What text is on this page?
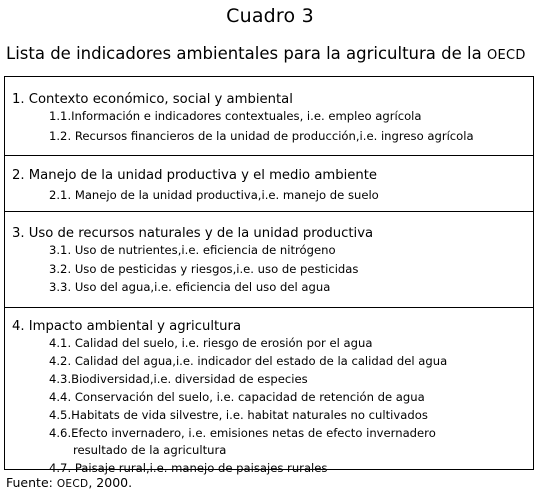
Cuadro 3
Lista de indicadores ambientales para la agricultura de la OECD
1. Contexto económico, social y ambiental
1.1.Información e indicadores contextuales, i.e. empleo agrícola
1.2. Recursos financieros de la unidad de producción,i.e. ingreso agrícola
2. Manejo de la unidad productiva y el medio ambiente
2.1. Manejo de la unidad productiva,i.e. manejo de suelo
3. Uso de recursos naturales y de la unidad productiva
3.1. Uso de nutrientes,i.e. eficiencia de nitrógeno
3.2. Uso de pesticidas y riesgos,i.e. uso de pesticidas
3.3. Uso del agua,i.e. eficiencia del uso del agua
4. Impacto ambiental y agricultura
4.1. Calidad del suelo, i.e. riesgo de erosión por el agua
4.2. Calidad del agua,i.e. indicador del estado de la calidad del agua
4.3.Biodiversidad,i.e. diversidad de especies
4.4. Conservación del suelo, i.e. capacidad de retención de agua
4.5.Habitats de vida silvestre, i.e. habitat naturales no cultivados
4.6.Efecto invernadero, i.e. emisiones netas de efecto invernadero
resultado de la agricultura
4.7. Paisaje rural,i.e. manejo de paisajes rurales
Fuente: OECD, 2000.
